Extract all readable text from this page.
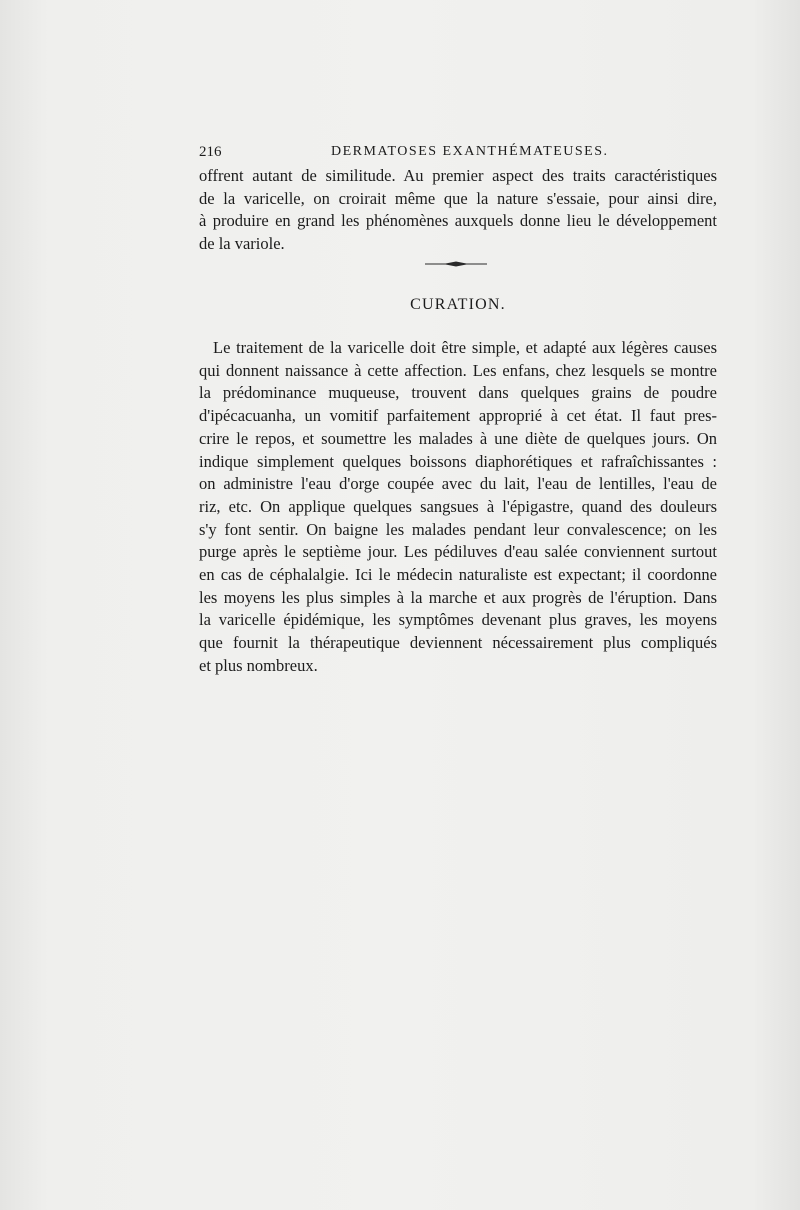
216	DERMATOSES EXANTHÉMATEUSES.

offrent autant de similitude. Au premier aspect des traits caractéristiques
de la varicelle, on croirait même que la nature s'essaie, pour ainsi dire,
à produire en grand les phénomènes auxquels donne lieu le développement
de la variole.

CURATION.

Le traitement de la varicelle doit être simple, et adapté aux légères causes
qui donnent naissance à cette affection. Les enfans, chez lesquels se montre
la prédominance muqueuse, trouvent dans quelques grains de poudre
d'ipécacuanha, un vomitif parfaitement approprié à cet état. Il faut pres-
crire le repos, et soumettre les malades à une diète de quelques jours. On
indique simplement quelques boissons diaphorétiques et rafraîchissantes :
on administre l'eau d'orge coupée avec du lait, l'eau de lentilles, l'eau de
riz, etc. On applique quelques sangsues à l'épigastre, quand des douleurs
s'y font sentir. On baigne les malades pendant leur convalescence; on les
purge après le septième jour. Les pédiluves d'eau salée conviennent surtout
en cas de céphalalgie. Ici le médecin naturaliste est expectant; il coordonne
les moyens les plus simples à la marche et aux progrès de l'éruption. Dans
la varicelle épidémique, les symptômes devenant plus graves, les moyens
que fournit la thérapeutique deviennent nécessairement plus compliqués
et plus nombreux.
